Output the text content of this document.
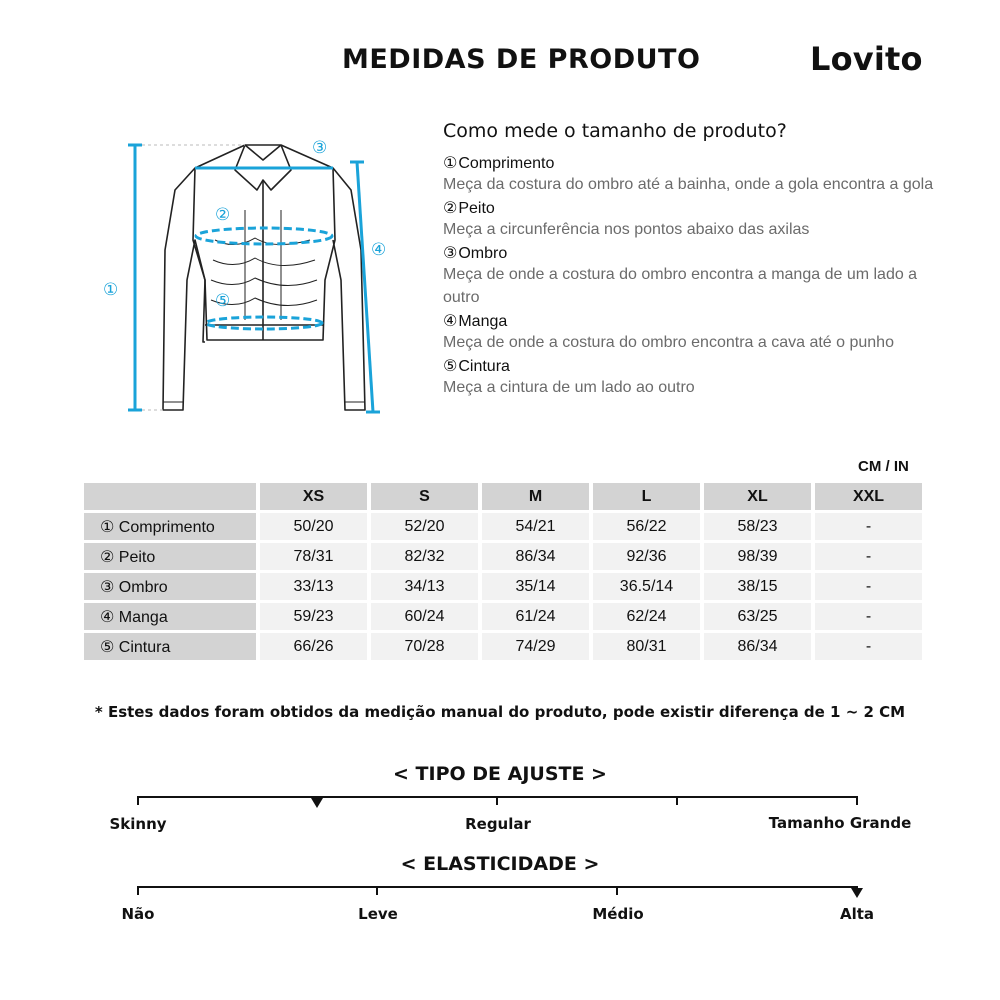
MEDIDAS DE PRODUTO	Lovito
①
②
③
④
⑤
Como mede o tamanho de produto?
①Comprimento
Meça da costura do ombro até a bainha, onde a gola encontra a gola
②Peito
Meça a circunferência nos pontos abaixo das axilas
③Ombro
Meça de onde a costura do ombro encontra a manga de um lado a outro
④Manga
Meça de onde a costura do ombro encontra a cava até o punho
⑤Cintura
Meça a cintura de um lado ao outro
CM / IN
	XS	S	M	L	XL	XXL
① Comprimento	50/20	52/20	54/21	56/22	58/23	-
② Peito	78/31	82/32	86/34	92/36	98/39	-
③ Ombro	33/13	34/13	35/14	36.5/14	38/15	-
④ Manga	59/23	60/24	61/24	62/24	63/25	-
⑤ Cintura	66/26	70/28	74/29	80/31	86/34	-
* Estes dados foram obtidos da medição manual do produto, pode existir diferença de 1 ~ 2 CM
< TIPO DE AJUSTE >
Skinny	Regular	Tamanho Grande
< ELASTICIDADE >
Não	Leve	Médio	Alta
